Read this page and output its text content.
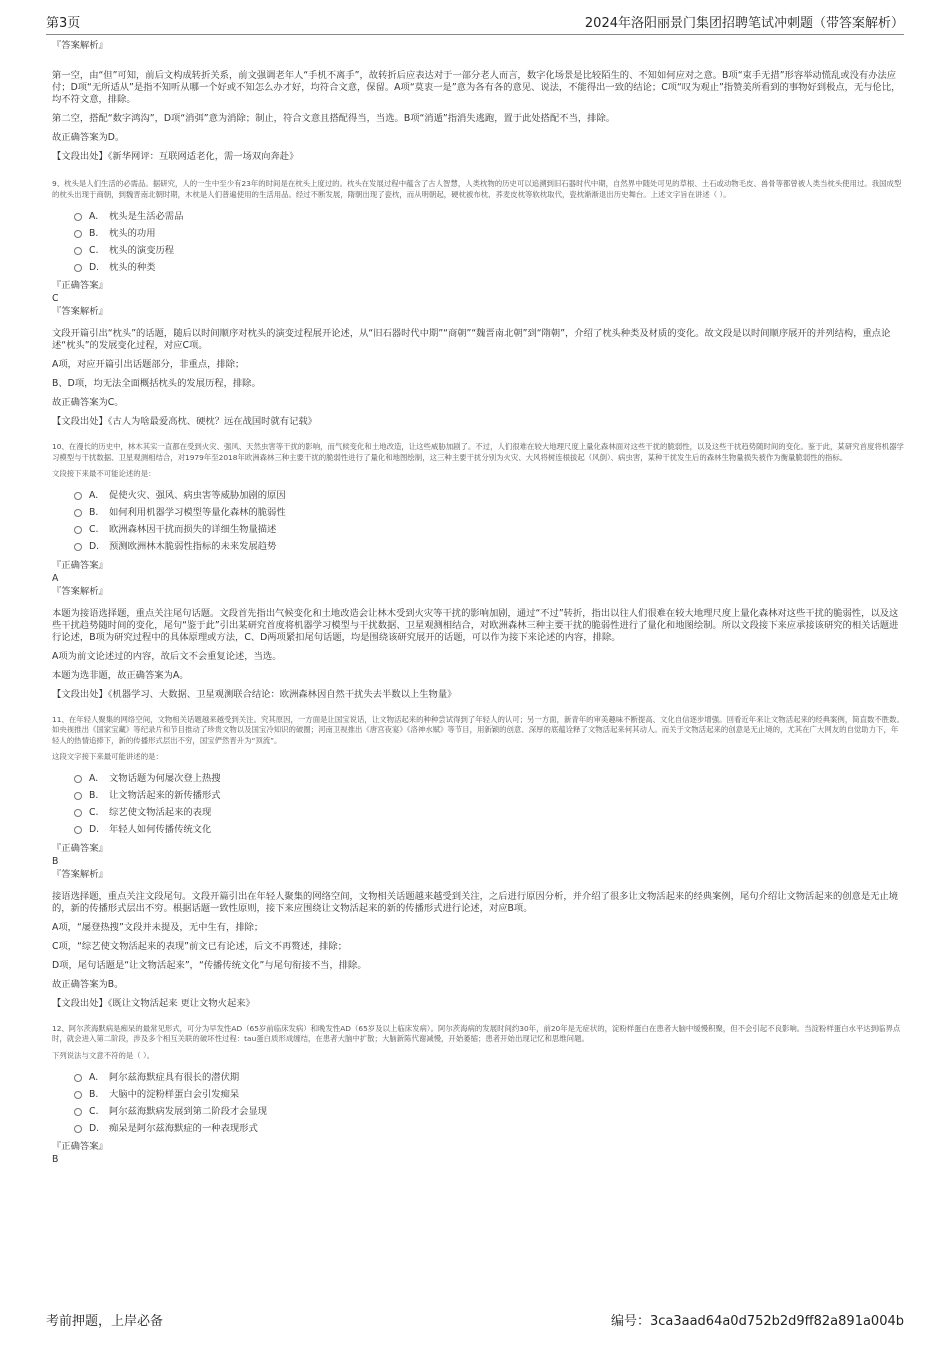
第3页	2024年洛阳丽景门集团招聘笔试冲刺题（带答案解析）

『答案解析』

第一空，由“但”可知，前后文构成转折关系，前文强调老年人“手机不离手”，故转折后应表达对于一部分老人而言，数字化场景是比较陌生的、不知如何应对之意。B项“束手无措”形容举动慌乱或没有办法应付；D项“无所适从”是指不知听从哪一个好或不知怎么办才好，均符合文意，保留。A项“莫衷一是”意为各有各的意见、说法，不能得出一致的结论；C项“叹为观止”指赞美所看到的事物好到极点，无与伦比，均不符文意，排除。

第二空，搭配“数字鸿沟”，D项“消弭”意为消除；制止，符合文意且搭配得当，当选。B项“消遁”指消失逃跑，置于此处搭配不当，排除。

故正确答案为D。

【文段出处】《新华网评：互联网适老化，需一场双向奔赴》

9、枕头是人们生活的必需品。据研究，人的一生中至少有23年的时间是在枕头上度过的。枕头在发展过程中蕴含了古人智慧，人类枕物的历史可以追溯到旧石器时代中期，自然界中随处可见的草根、土石或动物毛皮、兽骨等都曾被人类当枕头使用过。我国成型的枕头出现于商朝，到魏晋南北朝时期，木枕是人们普遍使用的生活用品。经过不断发展，隋朝出现了瓷枕，而从明朝起，硬枕被布枕、荞麦皮枕等软枕取代，瓷枕渐渐退出历史舞台。上述文字旨在讲述（ ）。

A.	枕头是生活必需品
B.	枕头的功用
C.	枕头的演变历程
D.	枕头的种类

『正确答案』

C

『答案解析』

文段开篇引出“枕头”的话题，随后以时间顺序对枕头的演变过程展开论述，从“旧石器时代中期”“商朝”“魏晋南北朝”到“隋朝”，介绍了枕头种类及材质的变化。故文段是以时间顺序展开的并列结构，重点论述“枕头”的发展变化过程，对应C项。

A项，对应开篇引出话题部分，非重点，排除；

B、D项，均无法全面概括枕头的发展历程，排除。

故正确答案为C。

【文段出处】《古人为啥最爱高枕、硬枕？远在战国时就有记载》

10、在漫长的历史中，林木其实一直都在受到火灾、强风、天然虫害等干扰的影响，而气候变化和土地改造，让这些威胁加剧了。不过，人们很难在较大地理尺度上量化森林面对这些干扰的脆弱性，以及这些干扰趋势随时间的变化。鉴于此，某研究首度将机器学习模型与干扰数据、卫星观测相结合，对1979年至2018年欧洲森林三种主要干扰的脆弱性进行了量化和地图绘制，这三种主要干扰分别为火灾、大风将树连根拔起（风倒）、病虫害，某种干扰发生后的森林生物量损失被作为衡量脆弱性的指标。

文段接下来最不可能论述的是：

A.	促使火灾、强风、病虫害等威胁加剧的原因
B.	如何利用机器学习模型等量化森林的脆弱性
C.	欧洲森林因干扰而损失的详细生物量描述
D.	预测欧洲林木脆弱性指标的未来发展趋势

『正确答案』

A

『答案解析』

本题为接语选择题，重点关注尾句话题。文段首先指出气候变化和土地改造会让林木受到火灾等干扰的影响加剧，通过“不过”转折，指出以往人们很难在较大地理尺度上量化森林对这些干扰的脆弱性，以及这些干扰趋势随时间的变化，尾句“鉴于此”引出某研究首度将机器学习模型与干扰数据、卫星观测相结合，对欧洲森林三种主要干扰的脆弱性进行了量化和地图绘制。所以文段接下来应承接该研究的相关话题进行论述，B项为研究过程中的具体原理或方法，C、D两项紧扣尾句话题，均是围绕该研究展开的话题，可以作为接下来论述的内容，排除。

A项为前文论述过的内容，故后文不会重复论述，当选。

本题为选非题，故正确答案为A。

【文段出处】《机器学习、大数据、卫星观测联合结论：欧洲森林因自然干扰失去半数以上生物量》

11、在年轻人聚集的网络空间，文物相关话题越来越受到关注。究其原因，一方面是让国宝说话，让文物活起来的种种尝试得到了年轻人的认可；另一方面，新青年的审美趣味不断提高、文化自信逐步增强。回看近年来让文物活起来的经典案例，简直数不胜数。如央视推出《国家宝藏》等纪录片和节目推动了珍贵文物以及国宝冷知识的破圈；河南卫视推出《唐宫夜宴》《洛神水赋》等节目，用新颖的创意、深厚的底蕴诠释了文物活起来何其动人。而关于文物活起来的创意是无止境的，尤其在广大网友的自觉助力下，年轻人的热情追捧下，新的传播形式层出不穷，国宝俨然晋升为“顶流”。

这段文字接下来最可能讲述的是：

A.	文物话题为何屡次登上热搜
B.	让文物活起来的新传播形式
C.	综艺使文物活起来的表现
D.	年轻人如何传播传统文化

『正确答案』

B

『答案解析』

接语选择题，重点关注文段尾句。文段开篇引出在年轻人聚集的网络空间，文物相关话题越来越受到关注，之后进行原因分析，并介绍了很多让文物活起来的经典案例，尾句介绍让文物活起来的创意是无止境的，新的传播形式层出不穷。根据话题一致性原则，接下来应围绕让文物活起来的新的传播形式进行论述，对应B项。

A项，“屡登热搜”文段并未提及，无中生有，排除；

C项，“综艺使文物活起来的表现”前文已有论述，后文不再赘述，排除；

D项，尾句话题是“让文物活起来”，“传播传统文化”与尾句衔接不当，排除。

故正确答案为B。

【文段出处】《既让文物活起来 更让文物火起来》

12、阿尔茨海默病是痴呆的最常见形式，可分为早发性AD（65岁前临床发病）和晚发性AD（65岁及以上临床发病）。阿尔茨海病的发展时间约30年，前20年是无症状的，淀粉样蛋白在患者大脑中缓慢积聚，但不会引起不良影响。当淀粉样蛋白水平达到临界点时，就会进入第二阶段，涉及多个相互关联的破坏性过程：tau蛋白质形成缠结，在患者大脑中扩散；大脑新陈代谢减慢，开始萎缩；患者开始出现记忆和思维问题。

下列说法与文意不符的是（ ）。

A.	阿尔兹海默症具有很长的潜伏期
B.	大脑中的淀粉样蛋白会引发痴呆
C.	阿尔兹海默病发展到第二阶段才会显现
D.	痴呆是阿尔兹海默症的一种表现形式

『正确答案』

B

考前押题，上岸必备	编号：3ca3aad64a0d752b2d9ff82a891a004b
